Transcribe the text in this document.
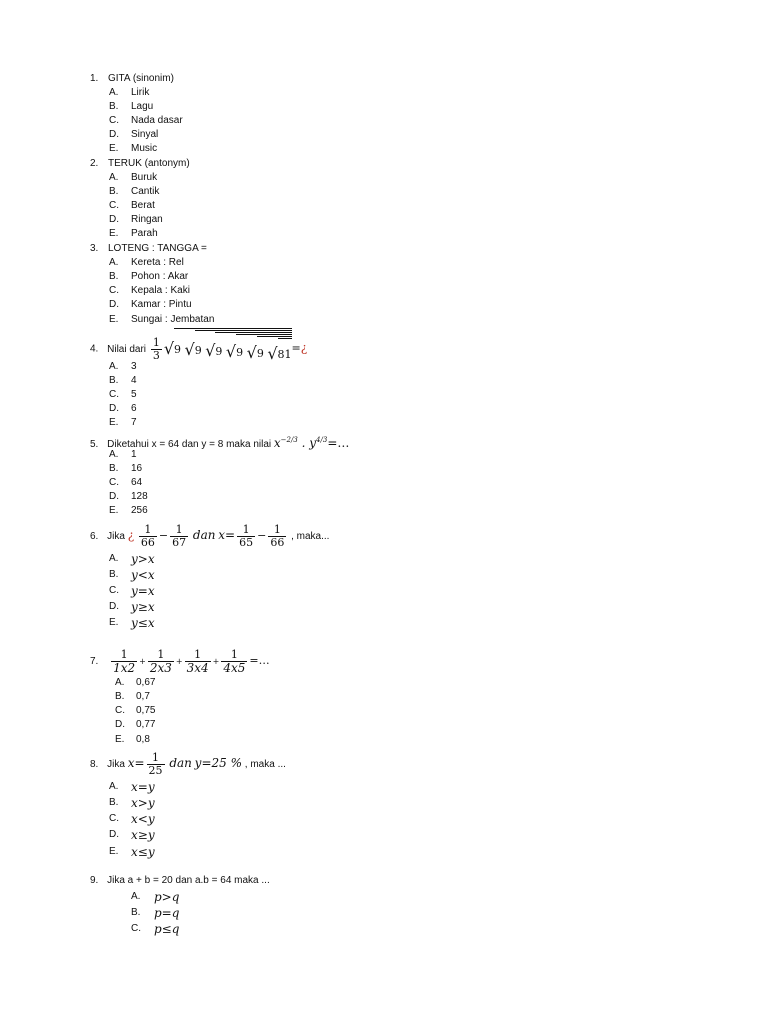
1. GITA (sinonim)
A. Lirik
B. Lagu
C. Nada dasar
D. Sinyal
E. Music
2. TERUK (antonym)
A. Buruk
B. Cantik
C. Berat
D. Ringan
E. Parah
3. LOTENG : TANGGA =
A. Kereta : Rel
B. Pohon : Akar
C. Kepala : Kaki
D. Kamar : Pintu
E. Sungai : Jembatan
4. Nilai dari $\frac{1}{3} √9$ √9 √9 √9 √9 √81=¿
A. 3
B. 4
C. 5
D. 6
E. 7
5. Diketahui x = 64 dan y = 8 maka nilai $x^{-2/3}$ . $y^{4/3}=\dots$
A. 1
B. 16
C. 64
D. 128
E. 256
6. Jika ¿ $\frac{1}{66} - \frac{1}{67}$ dan $x= \frac{1}{65} - \frac{1}{66}$ , maka...
A. y>x
B. y<x
C. y=x
D. y≥x
E. y≤x
7. $\frac{1}{1x2} + \frac{1}{2x3} + \frac{1}{3x4} + \frac{1}{4x5}$ =…
A. 0,67
B. 0,7
C. 0,75
D. 0,77
E. 0,8
8. Jika $x= \frac{1}{25}$ dan y=25 % , maka ...
A. x=y
B. x>y
C. x<y
D. x≥y
E. x≤y
9. Jika a + b = 20 dan a.b = 64 maka ...
A. p>q
B. p=q
C. p≤q
